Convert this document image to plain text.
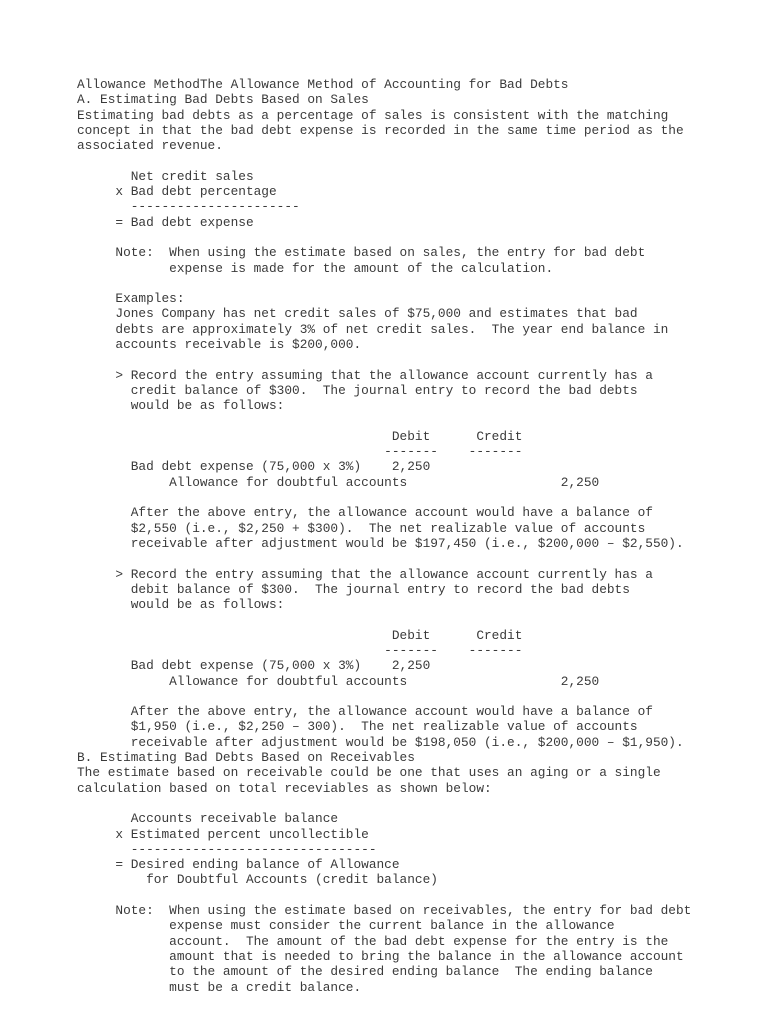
Allowance MethodThe Allowance Method of Accounting for Bad Debts
A. Estimating Bad Debts Based on Sales
Estimating bad debts as a percentage of sales is consistent with the matching
concept in that the bad debt expense is recorded in the same time period as the
associated revenue.
Net credit sales
x Bad debt percentage
----------------------
= Bad debt expense
Note:  When using the estimate based on sales, the entry for bad debt
expense is made for the amount of the calculation.
Examples:
Jones Company has net credit sales of $75,000 and estimates that bad
debts are approximately 3% of net credit sales.  The year end balance in
accounts receivable is $200,000.
> Record the entry assuming that the allowance account currently has a
credit balance of $300.  The journal entry to record the bad debts
would be as follows:
Debit      Credit
-------    -------
Bad debt expense (75,000 x 3%)    2,250
Allowance for doubtful accounts                    2,250
After the above entry, the allowance account would have a balance of
$2,550 (i.e., $2,250 + $300).  The net realizable value of accounts
receivable after adjustment would be $197,450 (i.e., $200,000 – $2,550).
> Record the entry assuming that the allowance account currently has a
debit balance of $300.  The journal entry to record the bad debts
would be as follows:
Debit      Credit
-------    -------
Bad debt expense (75,000 x 3%)    2,250
Allowance for doubtful accounts                    2,250
After the above entry, the allowance account would have a balance of
$1,950 (i.e., $2,250 – 300).  The net realizable value of accounts
receivable after adjustment would be $198,050 (i.e., $200,000 – $1,950).
B. Estimating Bad Debts Based on Receivables
The estimate based on receivable could be one that uses an aging or a single
calculation based on total receviables as shown below:
Accounts receivable balance
x Estimated percent uncollectible
--------------------------------
= Desired ending balance of Allowance
for Doubtful Accounts (credit balance)
Note:  When using the estimate based on receivables, the entry for bad debt
expense must consider the current balance in the allowance
account.  The amount of the bad debt expense for the entry is the
amount that is needed to bring the balance in the allowance account
to the amount of the desired ending balance  The ending balance
must be a credit balance.
